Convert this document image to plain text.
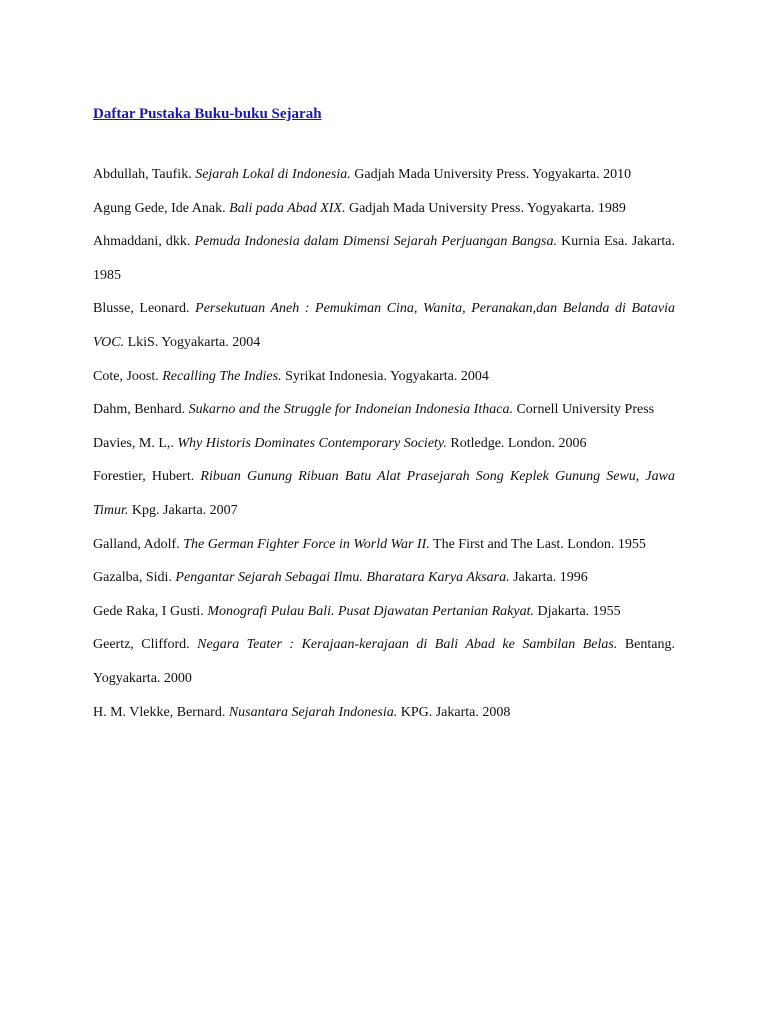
Daftar Pustaka Buku-buku Sejarah

Abdullah, Taufik. Sejarah Lokal di Indonesia. Gadjah Mada University Press. Yogyakarta. 2010

Agung Gede, Ide Anak. Bali pada Abad XIX. Gadjah Mada University Press. Yogyakarta. 1989

Ahmaddani, dkk. Pemuda Indonesia dalam Dimensi Sejarah Perjuangan Bangsa. Kurnia Esa. Jakarta. 1985

Blusse, Leonard. Persekutuan Aneh : Pemukiman Cina, Wanita, Peranakan,dan Belanda di Batavia VOC. LkiS. Yogyakarta. 2004

Cote, Joost. Recalling The Indies. Syrikat Indonesia. Yogyakarta. 2004

Dahm, Benhard. Sukarno and the Struggle for Indoneian Indonesia Ithaca. Cornell University Press

Davies, M. L,. Why Historis Dominates Contemporary Society. Rotledge. London. 2006

Forestier, Hubert. Ribuan Gunung Ribuan Batu Alat Prasejarah Song Keplek Gunung Sewu, Jawa Timur. Kpg. Jakarta. 2007

Galland, Adolf. The German Fighter Force in World War II. The First and The Last. London. 1955

Gazalba, Sidi. Pengantar Sejarah Sebagai Ilmu. Bharatara Karya Aksara. Jakarta. 1996

Gede Raka, I Gusti. Monografi Pulau Bali. Pusat Djawatan Pertanian Rakyat. Djakarta. 1955

Geertz, Clifford. Negara Teater : Kerajaan-kerajaan di Bali Abad ke Sambilan Belas. Bentang. Yogyakarta. 2000

H. M. Vlekke, Bernard. Nusantara Sejarah Indonesia. KPG. Jakarta. 2008
